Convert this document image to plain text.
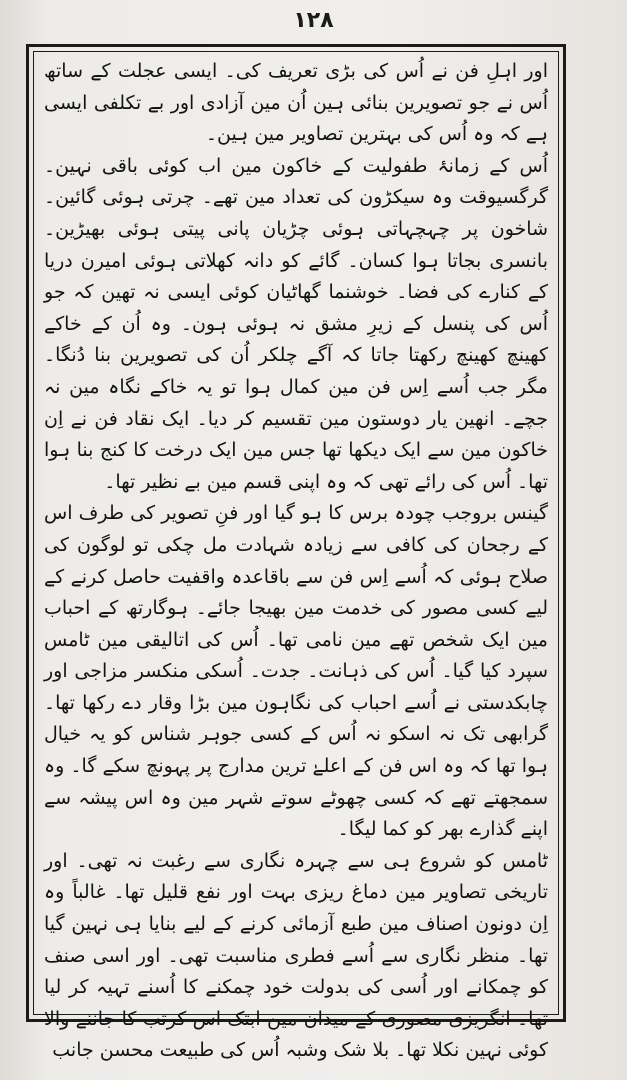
۱۲۸

اور اہلِ فن نے اُس کی بڑی تعریف کی۔ ایسی عجلت کے ساتھ اُس نے جو تصویرین بنائی ہین اُن مین آزادی اور بے تکلفی ایسی ہے کہ وہ اُس کی بہترین تصاویر مین ہین۔

اُس کے زمانۂ طفولیت کے خاکون مین اب کوئی باقی نہین۔ گرگسیوقت وہ سیکڑون کی تعداد مین تھے۔ چرتی ہوئی گائین۔ شاخون پر چہچہاتی ہوئی چڑیان پانی پیتی ہوئی بھیڑین۔ بانسری بجاتا ہوا کسان۔ گائے کو دانہ کھلاتی ہوئی امیرن دریا کے کنارے کی فضا۔ خوشنما گھاٹیان کوئی ایسی نہ تھین کہ جو اُس کی پنسل کے زیرِ مشق نہ ہوئی ہون۔ وہ اُن کے خاکے کھینچ کھینچ رکھتا جاتا کہ آگے چلکر اُن کی تصویرین بنا دُنگا۔ مگر جب اُسے اِس فن مین کمال ہوا تو یہ خاکے نگاہ مین نہ جچے۔ انھین یار دوستون مین تقسیم کر دیا۔ ایک نقاد فن نے اِن خاکون مین سے ایک دیکھا تھا جس مین ایک درخت کا کنج بنا ہوا تھا۔ اُس کی رائے تھی کہ وہ اپنی قسم مین بے نظیر تھا۔

گینس بروجب چودہ برس کا ہو گیا اور فنِ تصویر کی طرف اس کے رجحان کی کافی سے زیادہ شہادت مل چکی تو لوگون کی صلاح ہوئی کہ اُسے اِس فن سے باقاعدہ واقفیت حاصل کرنے کے لیے کسی مصور کی خدمت مین بھیجا جائے۔ ہوگارتھ کے احباب مین ایک شخص تھے مین نامی تھا۔ اُس کی اتالیقی مین ٹامس سپرد کیا گیا۔ اُس کی ذہانت۔ جدت۔ اُسکی منکسر مزاجی اور چابکدستی نے اُسے احباب کی نگاہون مین بڑا وقار دے رکھا تھا۔ گرابھی تک نہ اسکو نہ اُس کے کسی جوہر شناس کو یہ خیال ہوا تھا کہ وہ اس فن کے اعلےٰ ترین مدارج پر پہونچ سکے گا۔ وہ سمجھتے تھے کہ کسی چھوٹے سوتے شہر مین وہ اس پیشہ سے اپنے گذارے بھر کو کما لیگا۔

ٹامس کو شروع ہی سے چہرہ نگاری سے رغبت نہ تھی۔ اور تاریخی تصاویر مین دماغ ریزی بہت اور نفع قلیل تھا۔ غالباً وہ اِن دونون اصناف مین طبع آزمائی کرنے کے لیے بنایا ہی نہین گیا تھا۔ منظر نگاری سے اُسے فطری مناسبت تھی۔ اور اسی صنف کو چمکانے اور اُسی کی بدولت خود چمکنے کا اُسنے تہیہ کر لیا تھا۔ انگریزی مصوری کے میدان مین ابتک اس کرتب کا جاننے والا کوئی نہین نکلا تھا۔ بلا شک وشبہ اُس کی طبیعت محسن جانب
